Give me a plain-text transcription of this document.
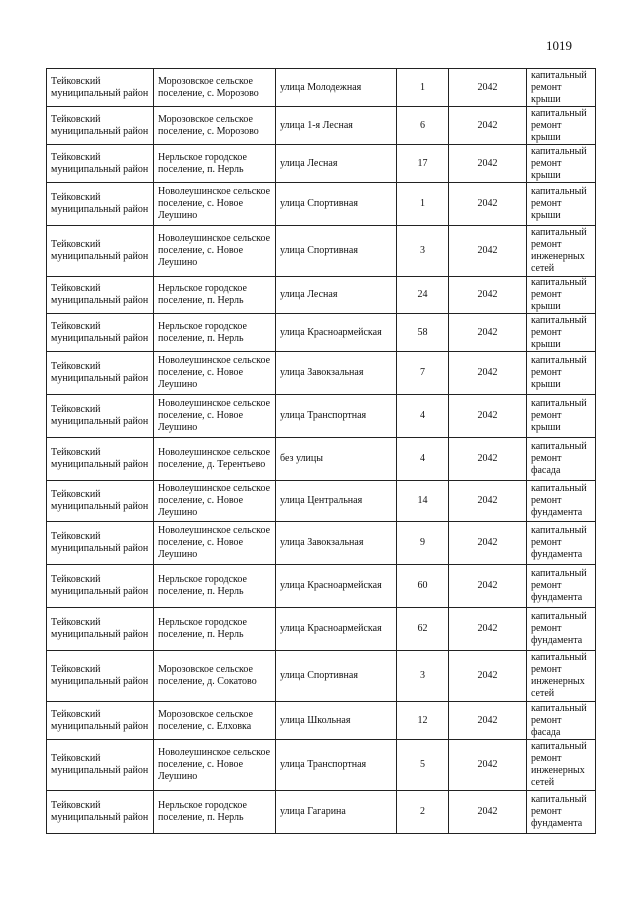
1019
Тейковский муниципальный район	Морозовское сельское поселение, с. Морозово	улица Молодежная	1	2042	капитальный ремонт крыши
Тейковский муниципальный район	Морозовское сельское поселение, с. Морозово	улица 1-я Лесная	6	2042	капитальный ремонт крыши
Тейковский муниципальный район	Нерльское городское поселение, п. Нерль	улица Лесная	17	2042	капитальный ремонт крыши
Тейковский муниципальный район	Новолеушинское сельское поселение, с. Новое Леушино	улица Спортивная	1	2042	капитальный ремонт крыши
Тейковский муниципальный район	Новолеушинское сельское поселение, с. Новое Леушино	улица Спортивная	3	2042	капитальный ремонт инженерных сетей
Тейковский муниципальный район	Нерльское городское поселение, п. Нерль	улица Лесная	24	2042	капитальный ремонт крыши
Тейковский муниципальный район	Нерльское городское поселение, п. Нерль	улица Красноармейская	58	2042	капитальный ремонт крыши
Тейковский муниципальный район	Новолеушинское сельское поселение, с. Новое Леушино	улица Завокзальная	7	2042	капитальный ремонт крыши
Тейковский муниципальный район	Новолеушинское сельское поселение, с. Новое Леушино	улица Транспортная	4	2042	капитальный ремонт крыши
Тейковский муниципальный район	Новолеушинское сельское поселение, д. Терентьево	без улицы	4	2042	капитальный ремонт фасада
Тейковский муниципальный район	Новолеушинское сельское поселение, с. Новое Леушино	улица Центральная	14	2042	капитальный ремонт фундамента
Тейковский муниципальный район	Новолеушинское сельское поселение, с. Новое Леушино	улица Завокзальная	9	2042	капитальный ремонт фундамента
Тейковский муниципальный район	Нерльское городское поселение, п. Нерль	улица Красноармейская	60	2042	капитальный ремонт фундамента
Тейковский муниципальный район	Нерльское городское поселение, п. Нерль	улица Красноармейская	62	2042	капитальный ремонт фундамента
Тейковский муниципальный район	Морозовское сельское поселение, д. Сокатово	улица Спортивная	3	2042	капитальный ремонт инженерных сетей
Тейковский муниципальный район	Морозовское сельское поселение, с. Елховка	улица Школьная	12	2042	капитальный ремонт фасада
Тейковский муниципальный район	Новолеушинское сельское поселение, с. Новое Леушино	улица Транспортная	5	2042	капитальный ремонт инженерных сетей
Тейковский муниципальный район	Нерльское городское поселение, п. Нерль	улица Гагарина	2	2042	капитальный ремонт фундамента
